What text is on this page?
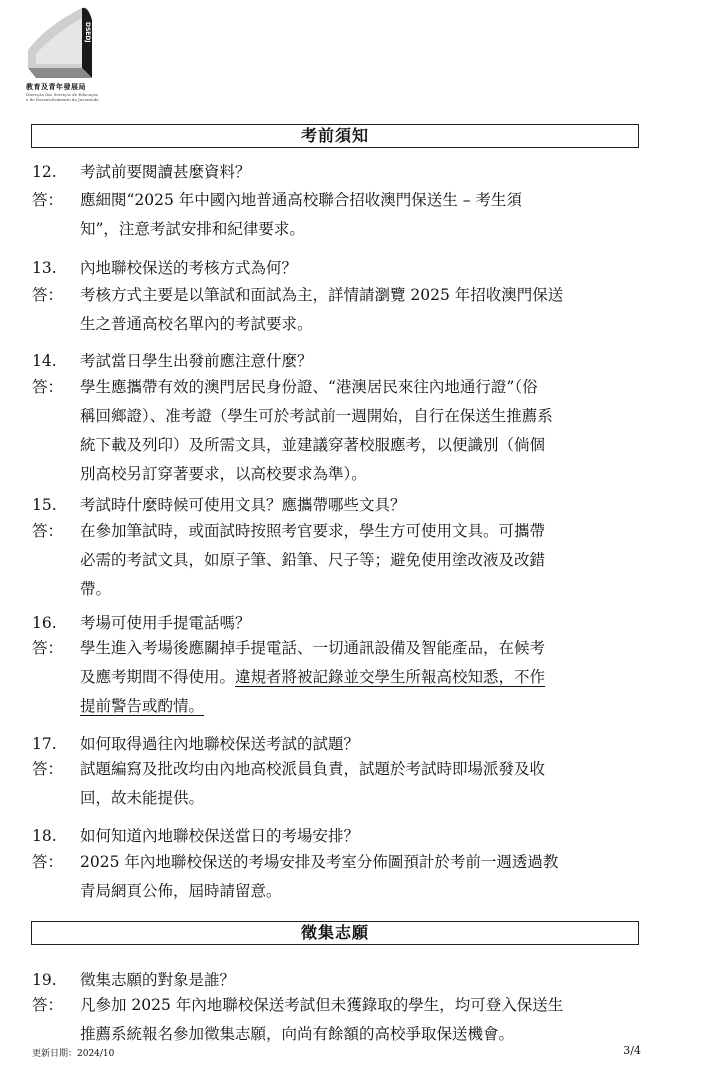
DSEDJ
教育及青年發展局
Direcção dos Serviços de Educação
e de Desenvolvimento da Juventude
考前須知
12.	考試前要閱讀甚麼資料？
答：	應細閱“2025 年中國內地普通高校聯合招收澳門保送生 – 考生須
知”，注意考試安排和紀律要求。
13.	內地聯校保送的考核方式為何？
答：	考核方式主要是以筆試和面試為主，詳情請瀏覽 2025 年招收澳門保送
生之普通高校名單內的考試要求。
14.	考試當日學生出發前應注意什麼？
答：	學生應攜帶有效的澳門居民身份證、“港澳居民來往內地通行證”（俗
稱回鄉證）、准考證（學生可於考試前一週開始，自行在保送生推薦系
統下載及列印）及所需文具，並建議穿著校服應考，以便識別（倘個
別高校另訂穿著要求，以高校要求為準）。
15.	考試時什麼時候可使用文具？應攜帶哪些文具？
答：	在參加筆試時，或面試時按照考官要求，學生方可使用文具。可攜帶
必需的考試文具，如原子筆、鉛筆、尺子等；避免使用塗改液及改錯
帶。
16.	考場可使用手提電話嗎？
答：	學生進入考場後應關掉手提電話、一切通訊設備及智能產品，在候考
及應考期間不得使用。違規者將被記錄並交學生所報高校知悉，不作
提前警告或酌情。
17.	如何取得過往內地聯校保送考試的試題？
答：	試題編寫及批改均由內地高校派員負責，試題於考試時即場派發及收
回，故未能提供。
18.	如何知道內地聯校保送當日的考場安排？
答：	2025 年內地聯校保送的考場安排及考室分佈圖預計於考前一週透過教
青局網頁公佈，屆時請留意。
徵集志願
19.	徵集志願的對象是誰？
答：	凡參加 2025 年內地聯校保送考試但未獲錄取的學生，均可登入保送生
推薦系統報名參加徵集志願，向尚有餘額的高校爭取保送機會。
更新日期：2024/10	3/4
